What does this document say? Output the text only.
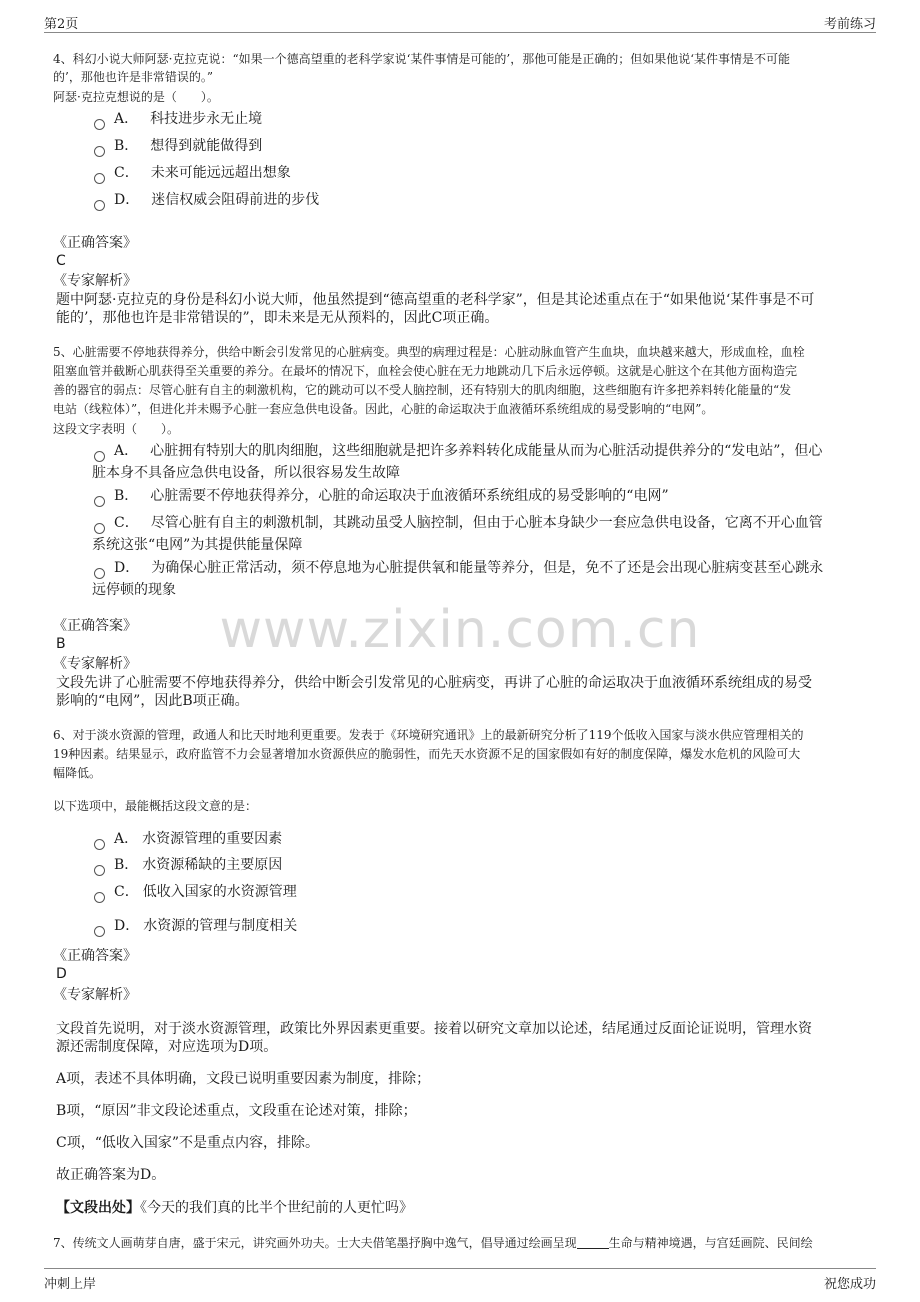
第2页	考前练习
www.zixin.com.cn
4、科幻小说大师阿瑟·克拉克说：“如果一个德高望重的老科学家说‘某件事情是可能的’，那他可能是正确的；但如果他说‘某件事情是不可能
的’，那他也许是非常错误的。”
阿瑟·克拉克想说的是（　　）。
A． 科技进步永无止境
B． 想得到就能做得到
C． 未来可能远远超出想象
D． 迷信权威会阻碍前进的步伐
《正确答案》
C
《专家解析》
题中阿瑟·克拉克的身份是科幻小说大师，他虽然提到“德高望重的老科学家”，但是其论述重点在于“如果他说‘某件事是不可
能的’，那他也许是非常错误的”，即未来是无从预料的，因此C项正确。
5、心脏需要不停地获得养分，供给中断会引发常见的心脏病变。典型的病理过程是：心脏动脉血管产生血块，血块越来越大，形成血栓，血栓
阻塞血管并截断心肌获得至关重要的养分。在最坏的情况下，血栓会使心脏在无力地跳动几下后永远停顿。这就是心脏这个在其他方面构造完
善的器官的弱点：尽管心脏有自主的刺激机构，它的跳动可以不受人脑控制，还有特别大的肌肉细胞，这些细胞有许多把养料转化能量的“发
电站（线粒体）”，但进化并未赐予心脏一套应急供电设备。因此，心脏的命运取决于血液循环系统组成的易受影响的“电网”。
这段文字表明（　　）。
A． 心脏拥有特别大的肌肉细胞，这些细胞就是把许多养料转化成能量从而为心脏活动提供养分的“发电站”，但心
脏本身不具备应急供电设备，所以很容易发生故障
B． 心脏需要不停地获得养分，心脏的命运取决于血液循环系统组成的易受影响的“电网”
C． 尽管心脏有自主的刺激机制，其跳动虽受人脑控制，但由于心脏本身缺少一套应急供电设备，它离不开心血管
系统这张“电网”为其提供能量保障
D． 为确保心脏正常活动，须不停息地为心脏提供氧和能量等养分，但是，免不了还是会出现心脏病变甚至心跳永
远停顿的现象
《正确答案》
B
《专家解析》
文段先讲了心脏需要不停地获得养分，供给中断会引发常见的心脏病变，再讲了心脏的命运取决于血液循环系统组成的易受
影响的“电网”，因此B项正确。
6、对于淡水资源的管理，政通人和比天时地利更重要。发表于《环境研究通讯》上的最新研究分析了119个低收入国家与淡水供应管理相关的
19种因素。结果显示，政府监管不力会显著增加水资源供应的脆弱性，而先天水资源不足的国家假如有好的制度保障，爆发水危机的风险可大
幅降低。
以下选项中，最能概括这段文意的是：
A． 水资源管理的重要因素
B． 水资源稀缺的主要原因
C． 低收入国家的水资源管理
D． 水资源的管理与制度相关
《正确答案》
D
《专家解析》
文段首先说明，对于淡水资源管理，政策比外界因素更重要。接着以研究文章加以论述，结尾通过反面论证说明，管理水资
源还需制度保障，对应选项为D项。
A项，表述不具体明确，文段已说明重要因素为制度，排除；
B项，“原因”非文段论述重点，文段重在论述对策，排除；
C项，“低收入国家”不是重点内容，排除。
故正确答案为D。
【文段出处】《今天的我们真的比半个世纪前的人更忙吗》
7、传统文人画萌芽自唐，盛于宋元，讲究画外功夫。士大夫借笔墨抒胸中逸气，倡导通过绘画呈现	生命与精神境遇，与宫廷画院、民间绘
冲刺上岸	祝您成功
